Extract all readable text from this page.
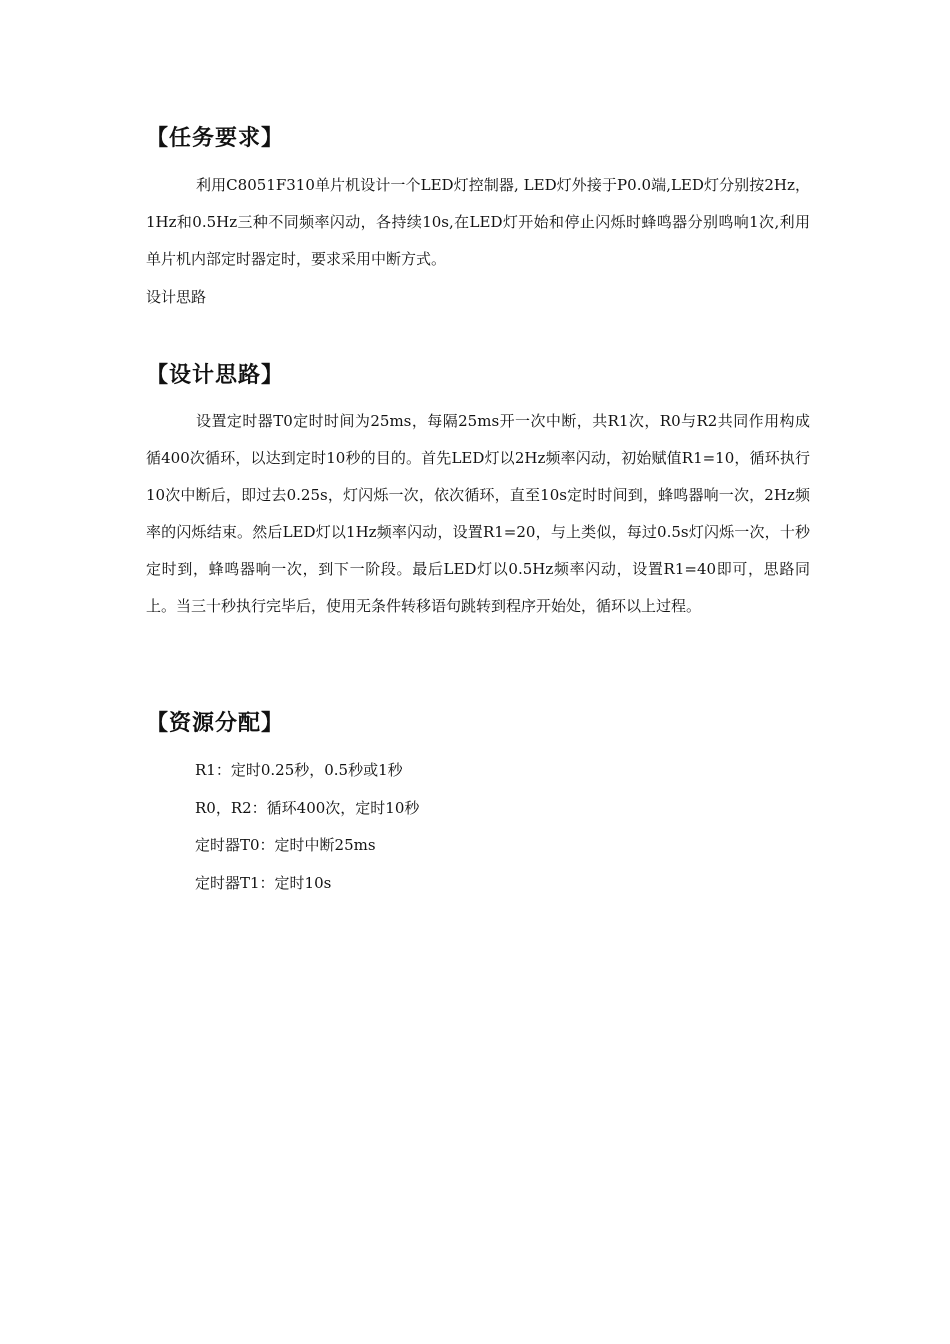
【任务要求】

利用C8051F310单片机设计一个LED灯控制器, LED灯外接于P0.0端,LED灯分别按2Hz，1Hz和0.5Hz三种不同频率闪动，各持续10s,在LED灯开始和停止闪烁时蜂鸣器分别鸣响1次,利用单片机内部定时器定时，要求采用中断方式。

设计思路

【设计思路】

设置定时器T0定时时间为25ms，每隔25ms开一次中断，共R1次，R0与R2共同作用构成循400次循环，以达到定时10秒的目的。首先LED灯以2Hz频率闪动，初始赋值R1=10，循环执行10次中断后，即过去0.25s，灯闪烁一次，依次循环，直至10s定时时间到，蜂鸣器响一次，2Hz频率的闪烁结束。然后LED灯以1Hz频率闪动，设置R1=20，与上类似，每过0.5s灯闪烁一次，十秒定时到，蜂鸣器响一次，到下一阶段。最后LED灯以0.5Hz频率闪动，设置R1=40即可，思路同上。当三十秒执行完毕后，使用无条件转移语句跳转到程序开始处，循环以上过程。

【资源分配】
R1：定时0.25秒，0.5秒或1秒
R0，R2：循环400次，定时10秒
定时器T0：定时中断25ms
定时器T1：定时10s
